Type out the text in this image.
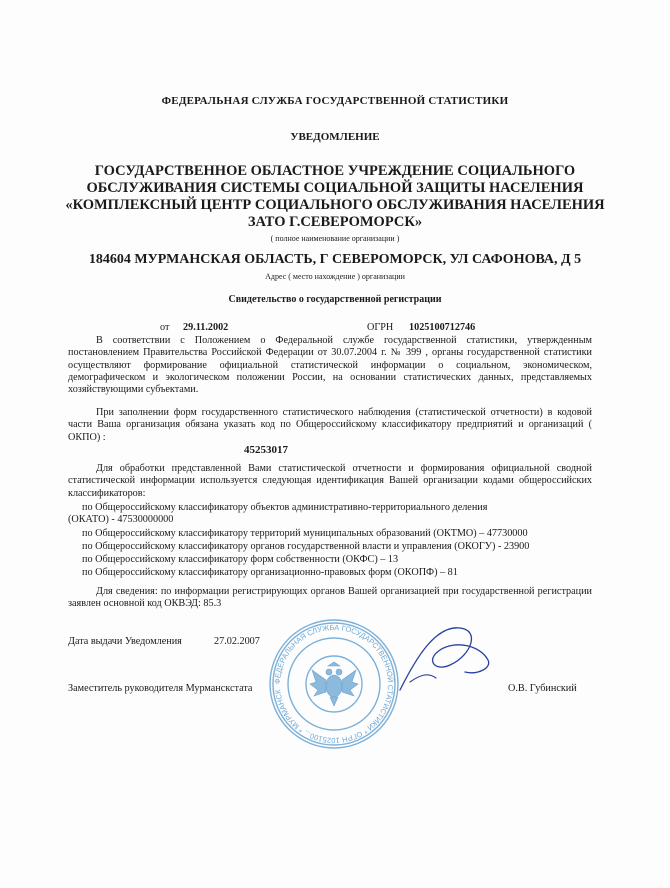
ФЕДЕРАЛЬНАЯ СЛУЖБА ГОСУДАРСТВЕННОЙ СТАТИСТИКИ
УВЕДОМЛЕНИЕ
ГОСУДАРСТВЕННОЕ ОБЛАСТНОЕ УЧРЕЖДЕНИЕ СОЦИАЛЬНОГО
ОБСЛУЖИВАНИЯ СИСТЕМЫ СОЦИАЛЬНОЙ ЗАЩИТЫ НАСЕЛЕНИЯ
«КОМПЛЕКСНЫЙ ЦЕНТР СОЦИАЛЬНОГО ОБСЛУЖИВАНИЯ НАСЕЛЕНИЯ
ЗАТО Г.СЕВЕРОМОРСК»
( полное наименование организации )
184604 МУРМАНСКАЯ ОБЛАСТЬ, Г СЕВЕРОМОРСК, УЛ САФОНОВА, Д 5
Адрес ( место нахождение ) организации
Свидетельство о государственной регистрации
от 29.11.2002	ОГРН 1025100712746
В соответствии с Положением о Федеральной службе государственной статистики, утвержденным постановлением Правительства Российской Федерации от 30.07.2004 г. № 399 , органы государственной статистики осуществляют формирование официальной статистической информации о социальном, экономическом, демографическом и экологическом положении России, на основании статистических данных, представляемых хозяйствующими субъектами.
При заполнении форм государственного статистического наблюдения (статистической отчетности) в кодовой части Ваша организация обязана указать код по Общероссийскому классификатору предприятий и организаций ( ОКПО) :
45253017
Для обработки представленной Вами статистической отчетности и формирования официальной сводной статистической информации используется следующая идентификация Вашей организации кодами общероссийских классификаторов:
по Общероссийскому классификатору объектов административно-территориального деления
(ОКАТО) - 47530000000
по Общероссийскому классификатору территорий муниципальных образований (ОКТМО) – 47730000
по Общероссийскому классификатору органов государственной власти и управления (ОКОГУ) - 23900
по Общероссийскому классификатору форм собственности (ОКФС) – 13
по Общероссийскому классификатору организационно-правовых форм (ОКОПФ) – 81
Для сведения: по информации регистрирующих органов Вашей организацией при государственной регистрации заявлен основной код ОКВЭД: 85.3
Дата выдачи Уведомления	27.02.2007
ФЕДЕРАЛЬНАЯ СЛУЖБА ГОСУДАРСТВЕННОЙ СТАТИСТИКИ * ОГРН 1025100... * МУРМАНСК
Заместитель руководителя Мурманскстата	О.В. Губинский
